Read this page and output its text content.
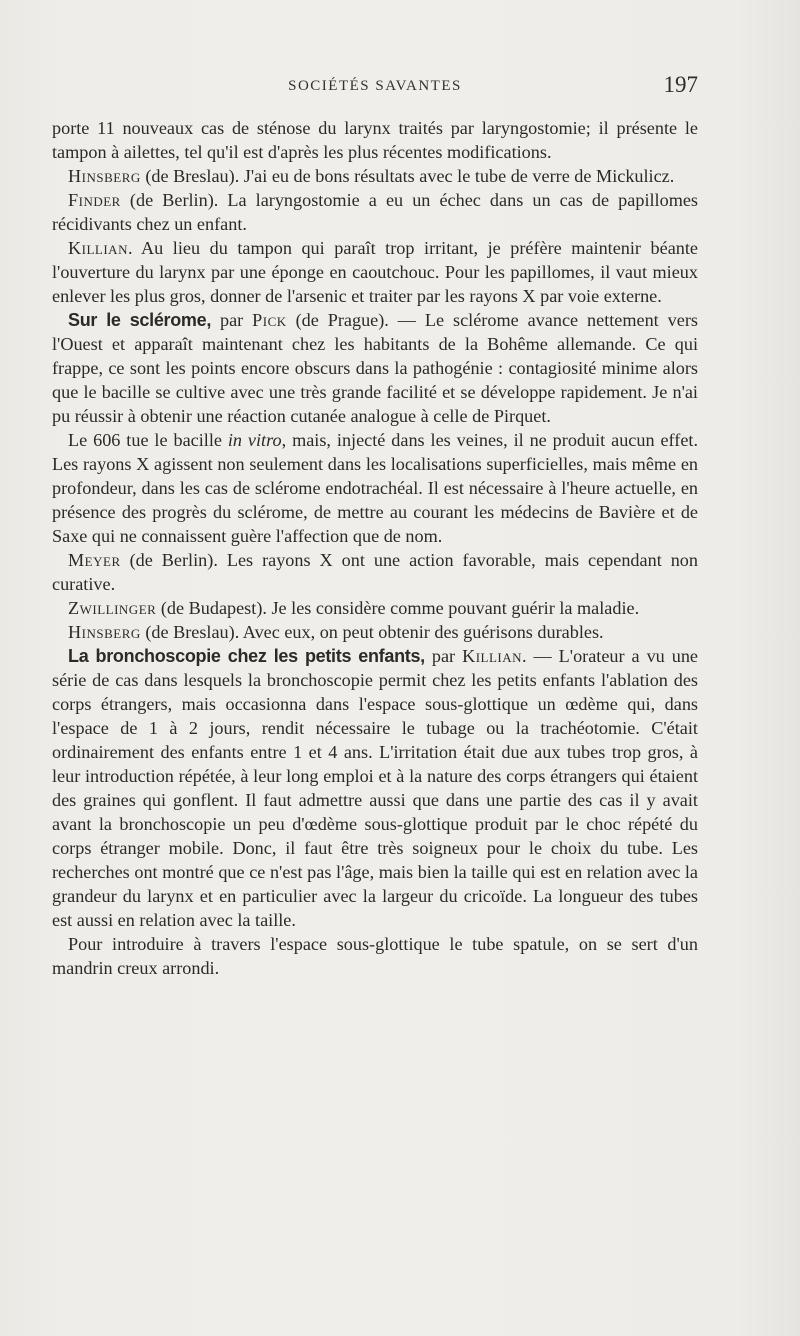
SOCIÉTÉS SAVANTES	197

porte 11 nouveaux cas de sténose du larynx traités par laryngostomie; il présente le tampon à ailettes, tel qu'il est d'après les plus récentes modifications.

Hinsberg (de Breslau). J'ai eu de bons résultats avec le tube de verre de Mickulicz.

Finder (de Berlin). La laryngostomie a eu un échec dans un cas de papillomes récidivants chez un enfant.

Killian. Au lieu du tampon qui paraît trop irritant, je préfère maintenir béante l'ouverture du larynx par une éponge en caoutchouc. Pour les papillomes, il vaut mieux enlever les plus gros, donner de l'arsenic et traiter par les rayons X par voie externe.

Sur le sclérome, par Pick (de Prague). — Le sclérome avance nettement vers l'Ouest et apparaît maintenant chez les habitants de la Bohême allemande. Ce qui frappe, ce sont les points encore obscurs dans la pathogénie : contagiosité minime alors que le bacille se cultive avec une très grande facilité et se développe rapidement. Je n'ai pu réussir à obtenir une réaction cutanée analogue à celle de Pirquet.

Le 606 tue le bacille in vitro, mais, injecté dans les veines, il ne produit aucun effet. Les rayons X agissent non seulement dans les localisations superficielles, mais même en profondeur, dans les cas de sclérome endotrachéal. Il est nécessaire à l'heure actuelle, en présence des progrès du sclérome, de mettre au courant les médecins de Bavière et de Saxe qui ne connaissent guère l'affection que de nom.

Meyer (de Berlin). Les rayons X ont une action favorable, mais cependant non curative.

Zwillinger (de Budapest). Je les considère comme pouvant guérir la maladie.

Hinsberg (de Breslau). Avec eux, on peut obtenir des guérisons durables.

La bronchoscopie chez les petits enfants, par Killian. — L'orateur a vu une série de cas dans lesquels la bronchoscopie permit chez les petits enfants l'ablation des corps étrangers, mais occasionna dans l'espace sous-glottique un œdème qui, dans l'espace de 1 à 2 jours, rendit nécessaire le tubage ou la trachéotomie. C'était ordinairement des enfants entre 1 et 4 ans. L'irritation était due aux tubes trop gros, à leur introduction répétée, à leur long emploi et à la nature des corps étrangers qui étaient des graines qui gonflent. Il faut admettre aussi que dans une partie des cas il y avait avant la bronchoscopie un peu d'œdème sous-glottique produit par le choc répété du corps étranger mobile. Donc, il faut être très soigneux pour le choix du tube. Les recherches ont montré que ce n'est pas l'âge, mais bien la taille qui est en relation avec la grandeur du larynx et en particulier avec la largeur du cricoïde. La longueur des tubes est aussi en relation avec la taille.

Pour introduire à travers l'espace sous-glottique le tube spatule, on se sert d'un mandrin creux arrondi.
